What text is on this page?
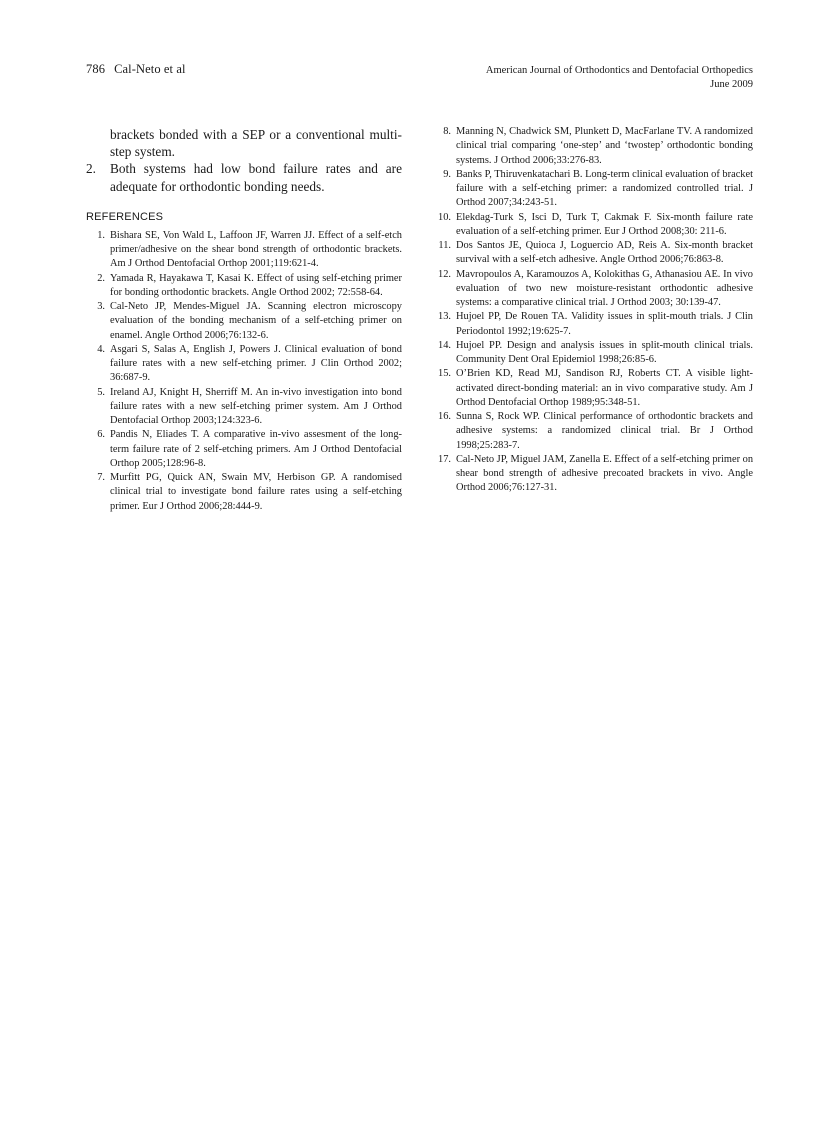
786 Cal-Neto et al	American Journal of Orthodontics and Dentofacial Orthopedics
June 2009
brackets bonded with a SEP or a conventional multi-step system.
2.	Both systems had low bond failure rates and are adequate for orthodontic bonding needs.
REFERENCES
1. Bishara SE, Von Wald L, Laffoon JF, Warren JJ. Effect of a self-etch primer/adhesive on the shear bond strength of orthodontic brackets. Am J Orthod Dentofacial Orthop 2001;119:621-4.
2. Yamada R, Hayakawa T, Kasai K. Effect of using self-etching primer for bonding orthodontic brackets. Angle Orthod 2002; 72:558-64.
3. Cal-Neto JP, Mendes-Miguel JA. Scanning electron microscopy evaluation of the bonding mechanism of a self-etching primer on enamel. Angle Orthod 2006;76:132-6.
4. Asgari S, Salas A, English J, Powers J. Clinical evaluation of bond failure rates with a new self-etching primer. J Clin Orthod 2002; 36:687-9.
5. Ireland AJ, Knight H, Sherriff M. An in-vivo investigation into bond failure rates with a new self-etching primer system. Am J Orthod Dentofacial Orthop 2003;124:323-6.
6. Pandis N, Eliades T. A comparative in-vivo assesment of the long-term failure rate of 2 self-etching primers. Am J Orthod Dentofacial Orthop 2005;128:96-8.
7. Murfitt PG, Quick AN, Swain MV, Herbison GP. A randomised clinical trial to investigate bond failure rates using a self-etching primer. Eur J Orthod 2006;28:444-9.
8. Manning N, Chadwick SM, Plunkett D, MacFarlane TV. A randomized clinical trial comparing ‘one-step’ and ‘twostep’ orthodontic bonding systems. J Orthod 2006;33:276-83.
9. Banks P, Thiruvenkatachari B. Long-term clinical evaluation of bracket failure with a self-etching primer: a randomized controlled trial. J Orthod 2007;34:243-51.
10. Elekdag-Turk S, Isci D, Turk T, Cakmak F. Six-month failure rate evaluation of a self-etching primer. Eur J Orthod 2008;30: 211-6.
11. Dos Santos JE, Quioca J, Loguercio AD, Reis A. Six-month bracket survival with a self-etch adhesive. Angle Orthod 2006;76:863-8.
12. Mavropoulos A, Karamouzos A, Kolokithas G, Athanasiou AE. In vivo evaluation of two new moisture-resistant orthodontic adhesive systems: a comparative clinical trial. J Orthod 2003; 30:139-47.
13. Hujoel PP, De Rouen TA. Validity issues in split-mouth trials. J Clin Periodontol 1992;19:625-7.
14. Hujoel PP. Design and analysis issues in split-mouth clinical trials. Community Dent Oral Epidemiol 1998;26:85-6.
15. O’Brien KD, Read MJ, Sandison RJ, Roberts CT. A visible light-activated direct-bonding material: an in vivo comparative study. Am J Orthod Dentofacial Orthop 1989;95:348-51.
16. Sunna S, Rock WP. Clinical performance of orthodontic brackets and adhesive systems: a randomized clinical trial. Br J Orthod 1998;25:283-7.
17. Cal-Neto JP, Miguel JAM, Zanella E. Effect of a self-etching primer on shear bond strength of adhesive precoated brackets in vivo. Angle Orthod 2006;76:127-31.
